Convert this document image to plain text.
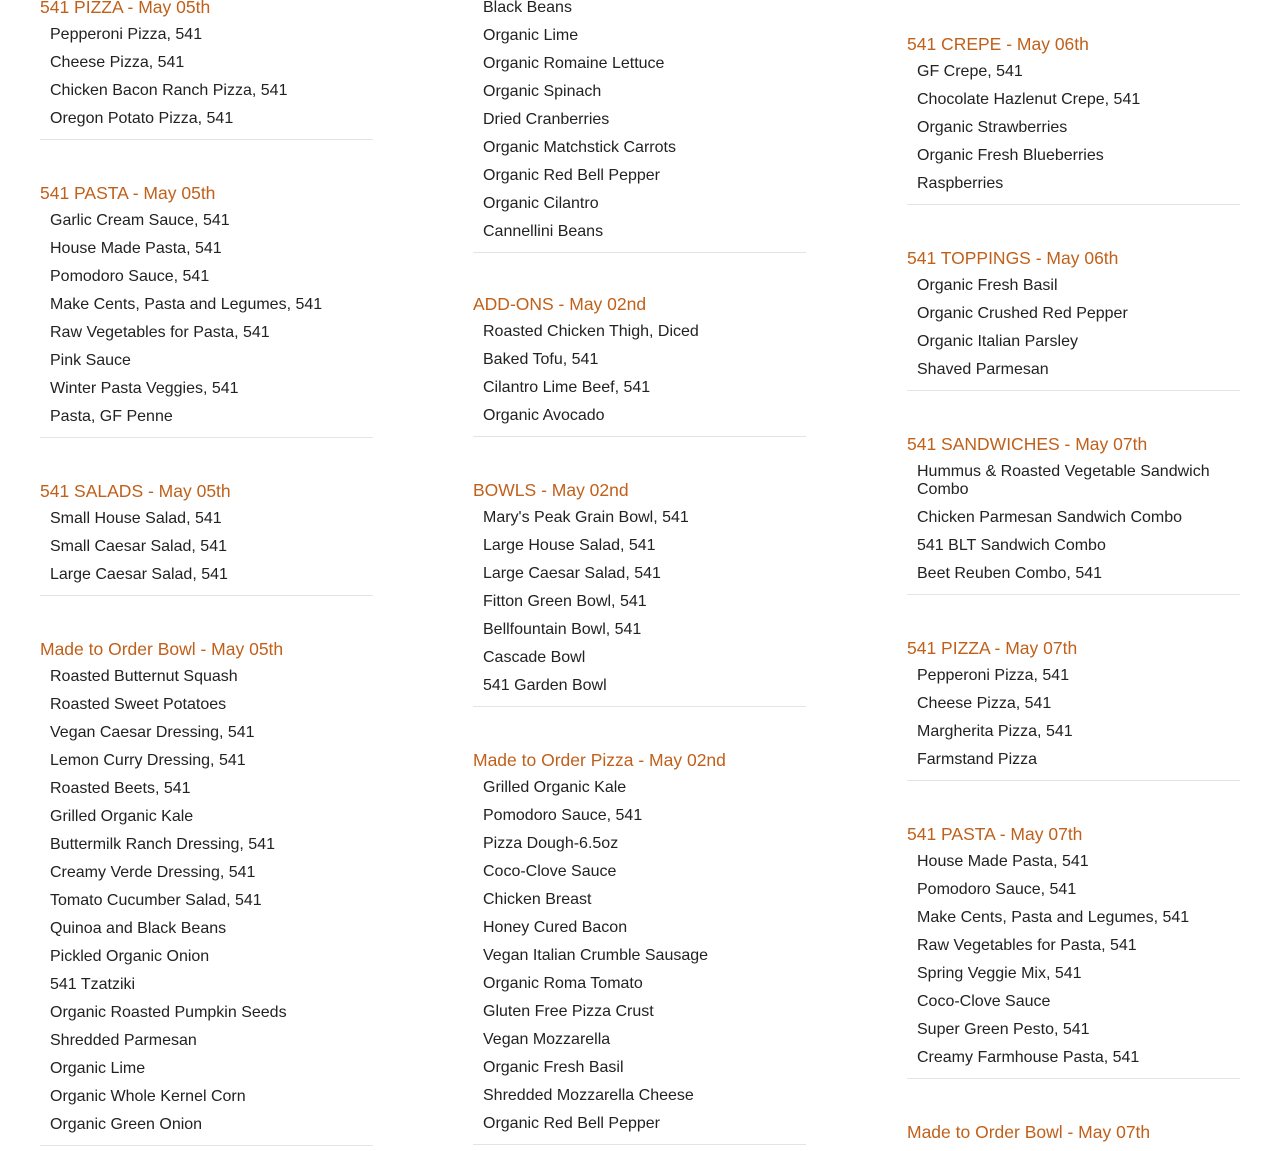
541 PIZZA - May 05th
Pepperoni Pizza, 541
Cheese Pizza, 541
Chicken Bacon Ranch Pizza, 541
Oregon Potato Pizza, 541
541 PASTA - May 05th
Garlic Cream Sauce, 541
House Made Pasta, 541
Pomodoro Sauce, 541
Make Cents, Pasta and Legumes, 541
Raw Vegetables for Pasta, 541
Pink Sauce
Winter Pasta Veggies, 541
Pasta, GF Penne
541 SALADS - May 05th
Small House Salad, 541
Small Caesar Salad, 541
Large Caesar Salad, 541
Made to Order Bowl - May 05th
Roasted Butternut Squash
Roasted Sweet Potatoes
Vegan Caesar Dressing, 541
Lemon Curry Dressing, 541
Roasted Beets, 541
Grilled Organic Kale
Buttermilk Ranch Dressing, 541
Creamy Verde Dressing, 541
Tomato Cucumber Salad, 541
Quinoa and Black Beans
Pickled Organic Onion
541 Tzatziki
Organic Roasted Pumpkin Seeds
Shredded Parmesan
Organic Lime
Organic Whole Kernel Corn
Organic Green Onion
Black Beans
Organic Lime
Organic Romaine Lettuce
Organic Spinach
Dried Cranberries
Organic Matchstick Carrots
Organic Red Bell Pepper
Organic Cilantro
Cannellini Beans
ADD-ONS - May 02nd
Roasted Chicken Thigh, Diced
Baked Tofu, 541
Cilantro Lime Beef, 541
Organic Avocado
BOWLS - May 02nd
Mary's Peak Grain Bowl, 541
Large House Salad, 541
Large Caesar Salad, 541
Fitton Green Bowl, 541
Bellfountain Bowl, 541
Cascade Bowl
541 Garden Bowl
Made to Order Pizza - May 02nd
Grilled Organic Kale
Pomodoro Sauce, 541
Pizza Dough-6.5oz
Coco-Clove Sauce
Chicken Breast
Honey Cured Bacon
Vegan Italian Crumble Sausage
Organic Roma Tomato
Gluten Free Pizza Crust
Vegan Mozzarella
Organic Fresh Basil
Shredded Mozzarella Cheese
Organic Red Bell Pepper
541 CREPE - May 06th
GF Crepe, 541
Chocolate Hazlenut Crepe, 541
Organic Strawberries
Organic Fresh Blueberries
Raspberries
541 TOPPINGS - May 06th
Organic Fresh Basil
Organic Crushed Red Pepper
Organic Italian Parsley
Shaved Parmesan
541 SANDWICHES - May 07th
Hummus & Roasted Vegetable Sandwich Combo
Chicken Parmesan Sandwich Combo
541 BLT Sandwich Combo
Beet Reuben Combo, 541
541 PIZZA - May 07th
Pepperoni Pizza, 541
Cheese Pizza, 541
Margherita Pizza, 541
Farmstand Pizza
541 PASTA - May 07th
House Made Pasta, 541
Pomodoro Sauce, 541
Make Cents, Pasta and Legumes, 541
Raw Vegetables for Pasta, 541
Spring Veggie Mix, 541
Coco-Clove Sauce
Super Green Pesto, 541
Creamy Farmhouse Pasta, 541
Made to Order Bowl - May 07th
